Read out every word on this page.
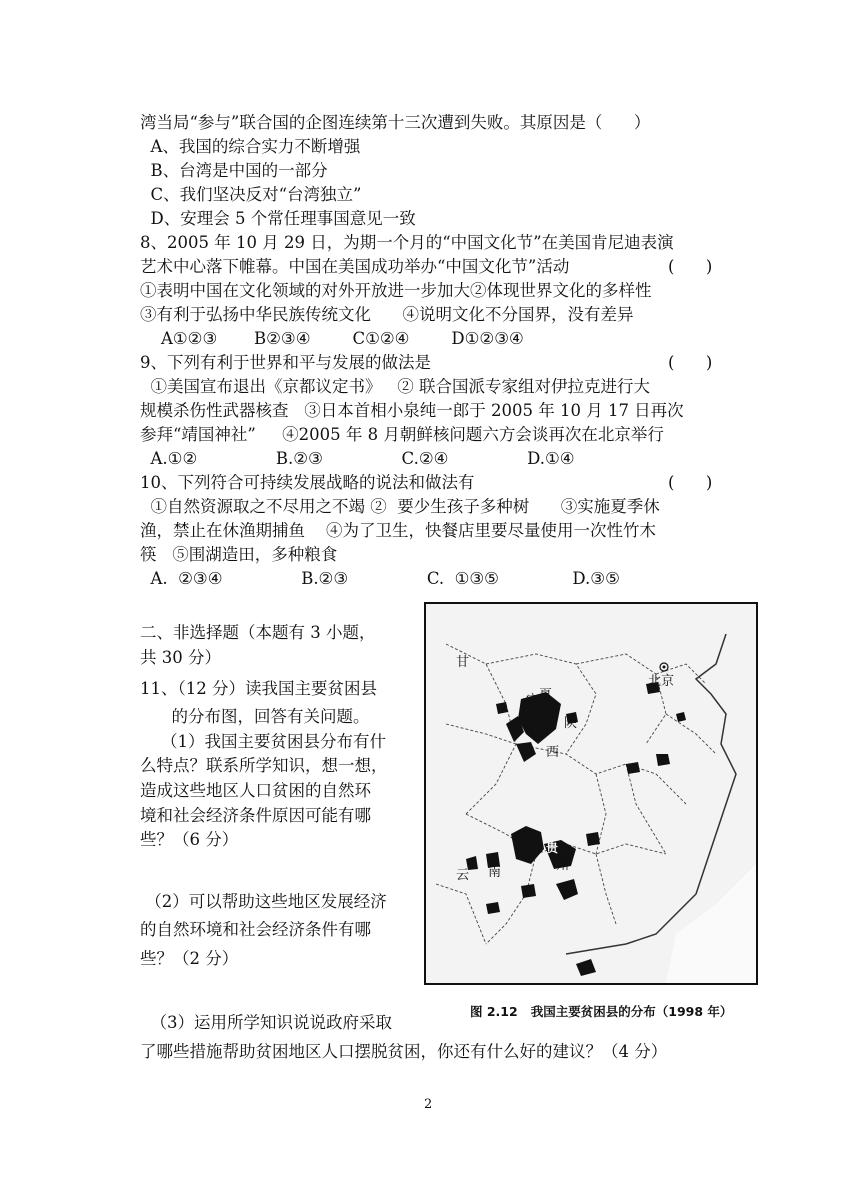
湾当局“参与”联合国的企图连续第十三次遭到失败。其原因是（      ）
A、我国的综合实力不断增强
B、台湾是中国的一部分
C、我们坚决反对“台湾独立”
D、安理会 5 个常任理事国意见一致
8、2005 年 10 月 29 日，为期一个月的“中国文化节”在美国肯尼迪表演
艺术中心落下帷幕。中国在美国成功举办“中国文化节”活动	(      )
①表明中国在文化领域的对外开放进一步加大②体现世界文化的多样性
③有利于弘扬中华民族传统文化      ④说明文化不分国界，没有差异
A①②③       B②③④        C①②④        D①②③④
9、下列有利于世界和平与发展的做法是	(      )
①美国宣布退出《京都议定书》   ② 联合国派专家组对伊拉克进行大
规模杀伤性武器核查   ③日本首相小泉纯一郎于 2005 年 10 月 17 日再次
参拜“靖国神社”     ④2005 年 8 月朝鲜核问题六方会谈再次在北京举行
A.①②               B.②③               C.②④               D.①④
10、下列符合可持续发展战略的说法和做法有	(      )
①自然资源取之不尽用之不竭 ②  要少生孩子多种树      ③实施夏季休
渔，禁止在休渔期捕鱼    ④为了卫生，快餐店里要尽量使用一次性竹木
筷   ⑤围湖造田，多种粮食
A.  ②③④               B.②③               C.  ①③⑤              D.③⑤
二、非选择题（本题有 3 小题，
共 30 分）
11、（12 分）读我国主要贫困县
的分布图，回答有关问题。
（1）我国主要贫困县分布有什
么特点？联系所学知识，想一想，
造成这些地区人口贫困的自然环
境和社会经济条件原因可能有哪
些？（6 分）
（2）可以帮助这些地区发展经济
的自然环境和社会经济条件有哪
些？（2 分）
（3）运用所学知识说说政府采取
了哪些措施帮助贫困地区人口摆脱贫困，你还有什么好的建议？（4 分）
甘
宁 夏
陕
西
北京
贵
州
云 南
图 2.12   我国主要贫困县的分布（1998 年）
2
